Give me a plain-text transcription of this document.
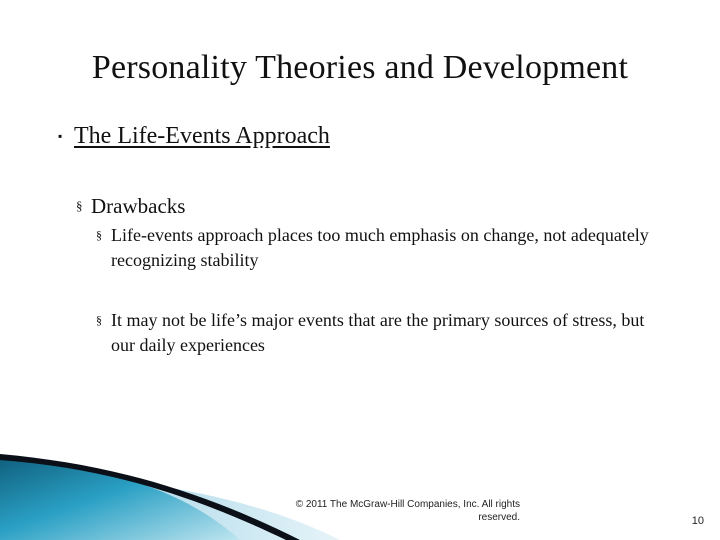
Personality Theories and Development
▪ The Life-Events Approach
§ Drawbacks
§ Life-events approach places too much emphasis on change, not adequately recognizing stability
§ It may not be life’s major events that are the primary sources of stress, but our daily experiences
© 2011 The McGraw-Hill Companies, Inc. All rights reserved.	10
